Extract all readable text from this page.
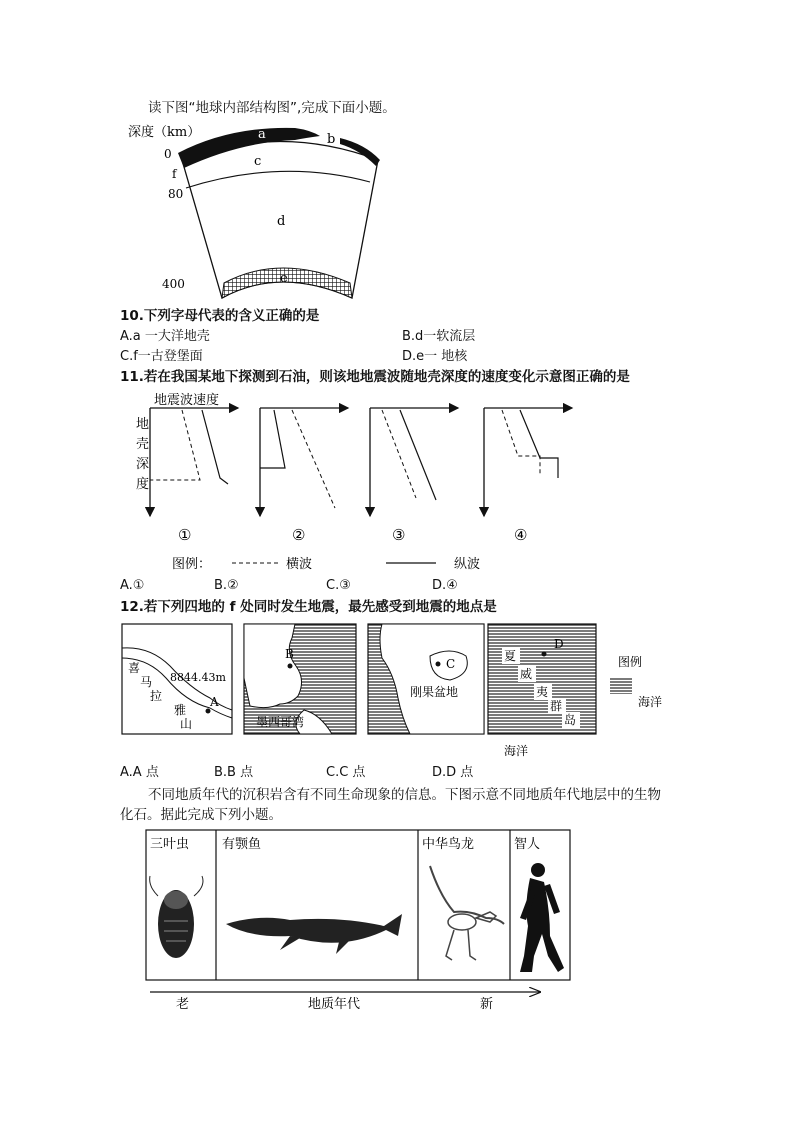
读下图“地球内部结构图”,完成下面小题。
深度（km）
0
f
80
400
a	b
c
d
e
10.下列字母代表的含义正确的是
A.a 一大洋地壳	B.d一软流层
C.f一古登堡面	D.e一 地核
11.若在我国某地下探测到石油，则该地地震波随地壳深度的速度变化示意图正确的是
地震波速度
地
壳
深
度
①	②	③	④
图例：	横波	纵波
A.①	B.②	C.③	D.④
12.若下列四地的 f 处同时发生地震，最先感受到地震的地点是
喜
马
拉
雅
山
8844.43m
A
B
墨西哥湾
C
刚果盆地
D
夏
威
夷
群
岛
图例
海洋
海洋
A.A 点	B.B 点	C.C 点	D.D 点
不同地质年代的沉积岩含有不同生命现象的信息。下图示意不同地质年代地层中的生物
化石。据此完成下列小题。
三叶虫	有颚鱼	中华鸟龙	智人
老	地质年代	新
